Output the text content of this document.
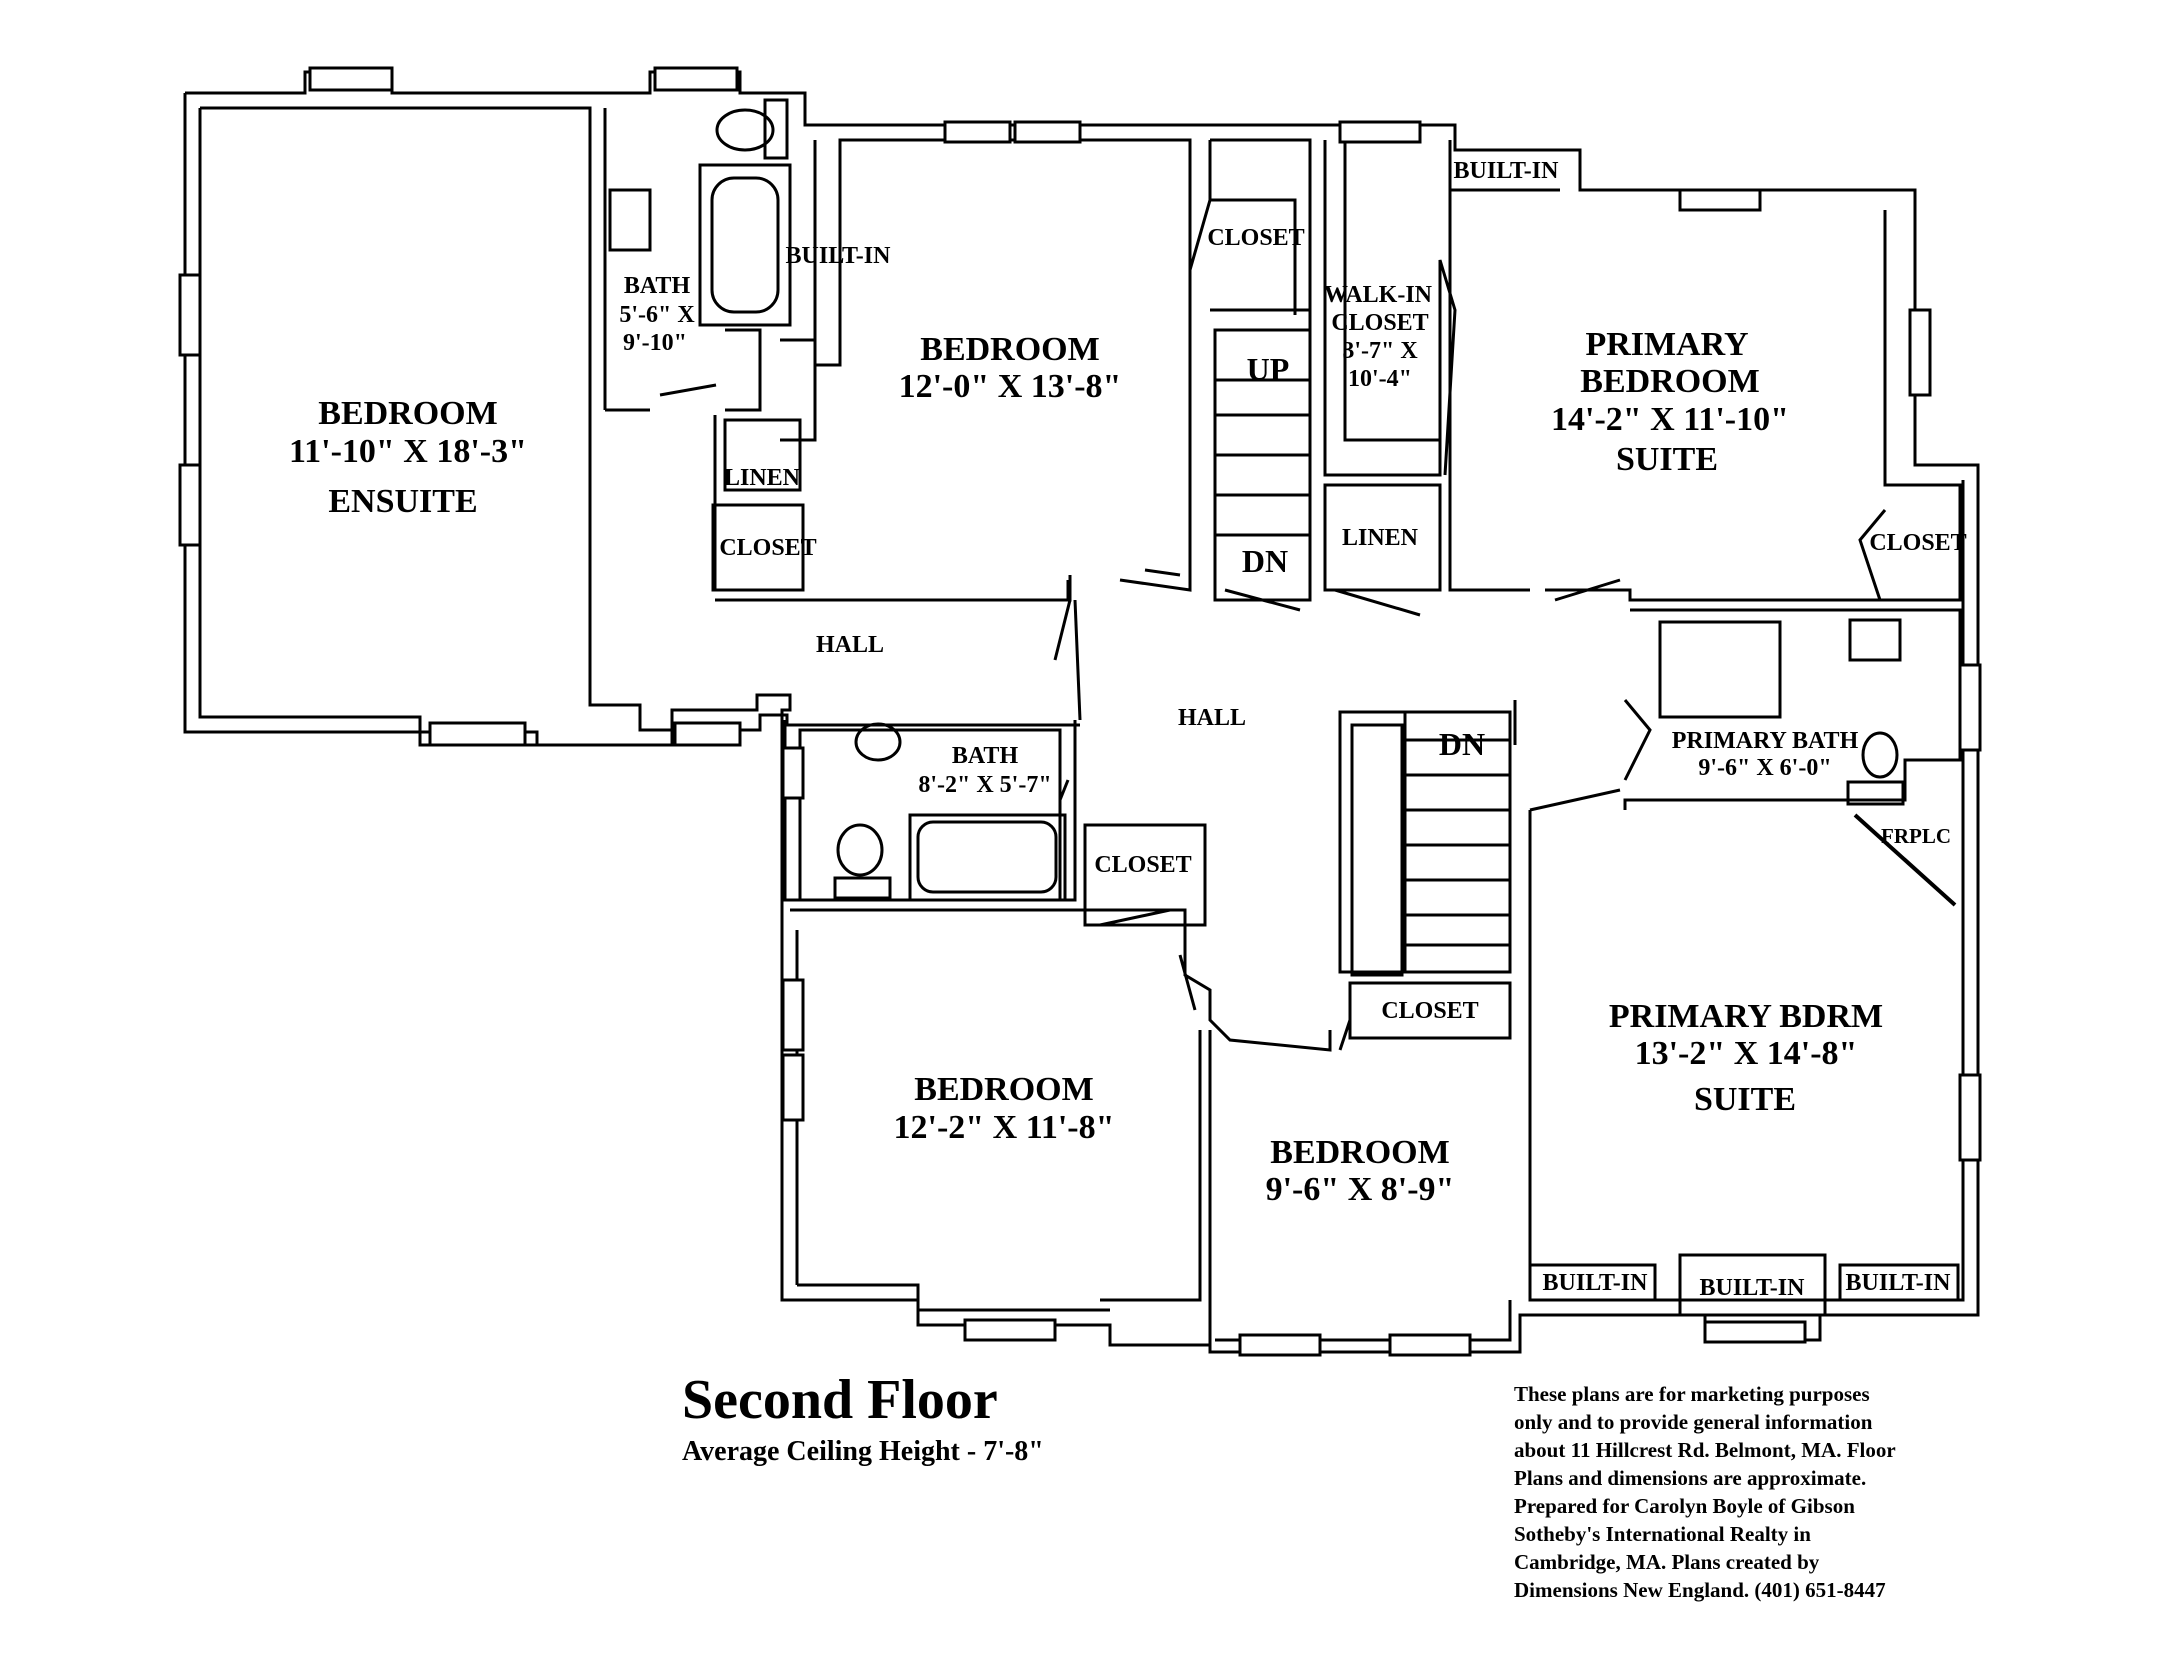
BEDROOM
11'-10" X 18'-3"
ENSUITE
BATH
5'-6" X
9'-10"
BUILT-IN
LINEN
CLOSET
BEDROOM
12'-0" X 13'-8"
CLOSET
UP
DN
WALK-IN
CLOSET
3'-7" X
10'-4"
LINEN
BUILT-IN
PRIMARY
BEDROOM
14'-2" X 11'-10"
SUITE
CLOSET
HALL
HALL
PRIMARY BATH
9'-6" X 6'-0"
FRPLC
BATH
8'-2" X 5'-7"
CLOSET
DN
CLOSET
BEDROOM
12'-2" X 11'-8"
BEDROOM
9'-6" X 8'-9"
PRIMARY BDRM
13'-2" X 14'-8"
SUITE
BUILT-IN BUILT-IN BUILT-IN
Second Floor
Average Ceiling Height - 7'-8"
These plans are for marketing purposes
only and to provide general information
about 11 Hillcrest Rd. Belmont, MA. Floor
Plans and dimensions are approximate.
Prepared for Carolyn Boyle of Gibson
Sotheby's International Realty in
Cambridge, MA. Plans created by
Dimensions New England. (401) 651-8447
